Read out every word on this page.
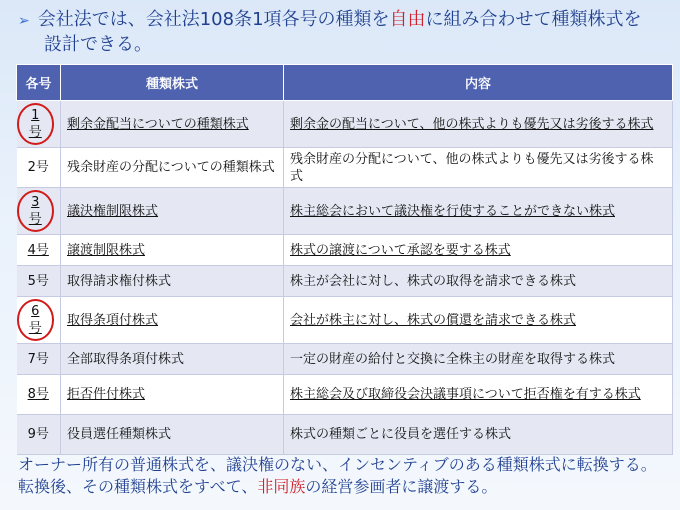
➢ 会社法では、会社法108条1項各号の種類を自由に組み合わせて種類株式を
設計できる。
各号	種類株式	内容
1号	剰余金配当についての種類株式	剰余金の配当について、他の株式よりも優先又は劣後する株式
2号	残余財産の分配についての種類株式	残余財産の分配について、他の株式よりも優先又は劣後する株式
3号	議決権制限株式	株主総会において議決権を行使することができない株式
4号	譲渡制限株式	株式の譲渡について承認を要する株式
5号	取得請求権付株式	株主が会社に対し、株式の取得を請求できる株式
6号	取得条項付株式	会社が株主に対し、株式の償還を請求できる株式
7号	全部取得条項付株式	一定の財産の給付と交換に全株主の財産を取得する株式
8号	拒否件付株式	株主総会及び取締役会決議事項について拒否権を有する株式
9号	役員選任種類株式	株式の種類ごとに役員を選任する株式
オーナー所有の普通株式を、議決権のない、インセンティブのある種類株式に転換する。転換後、その種類株式をすべて、非同族の経営参画者に譲渡する。
